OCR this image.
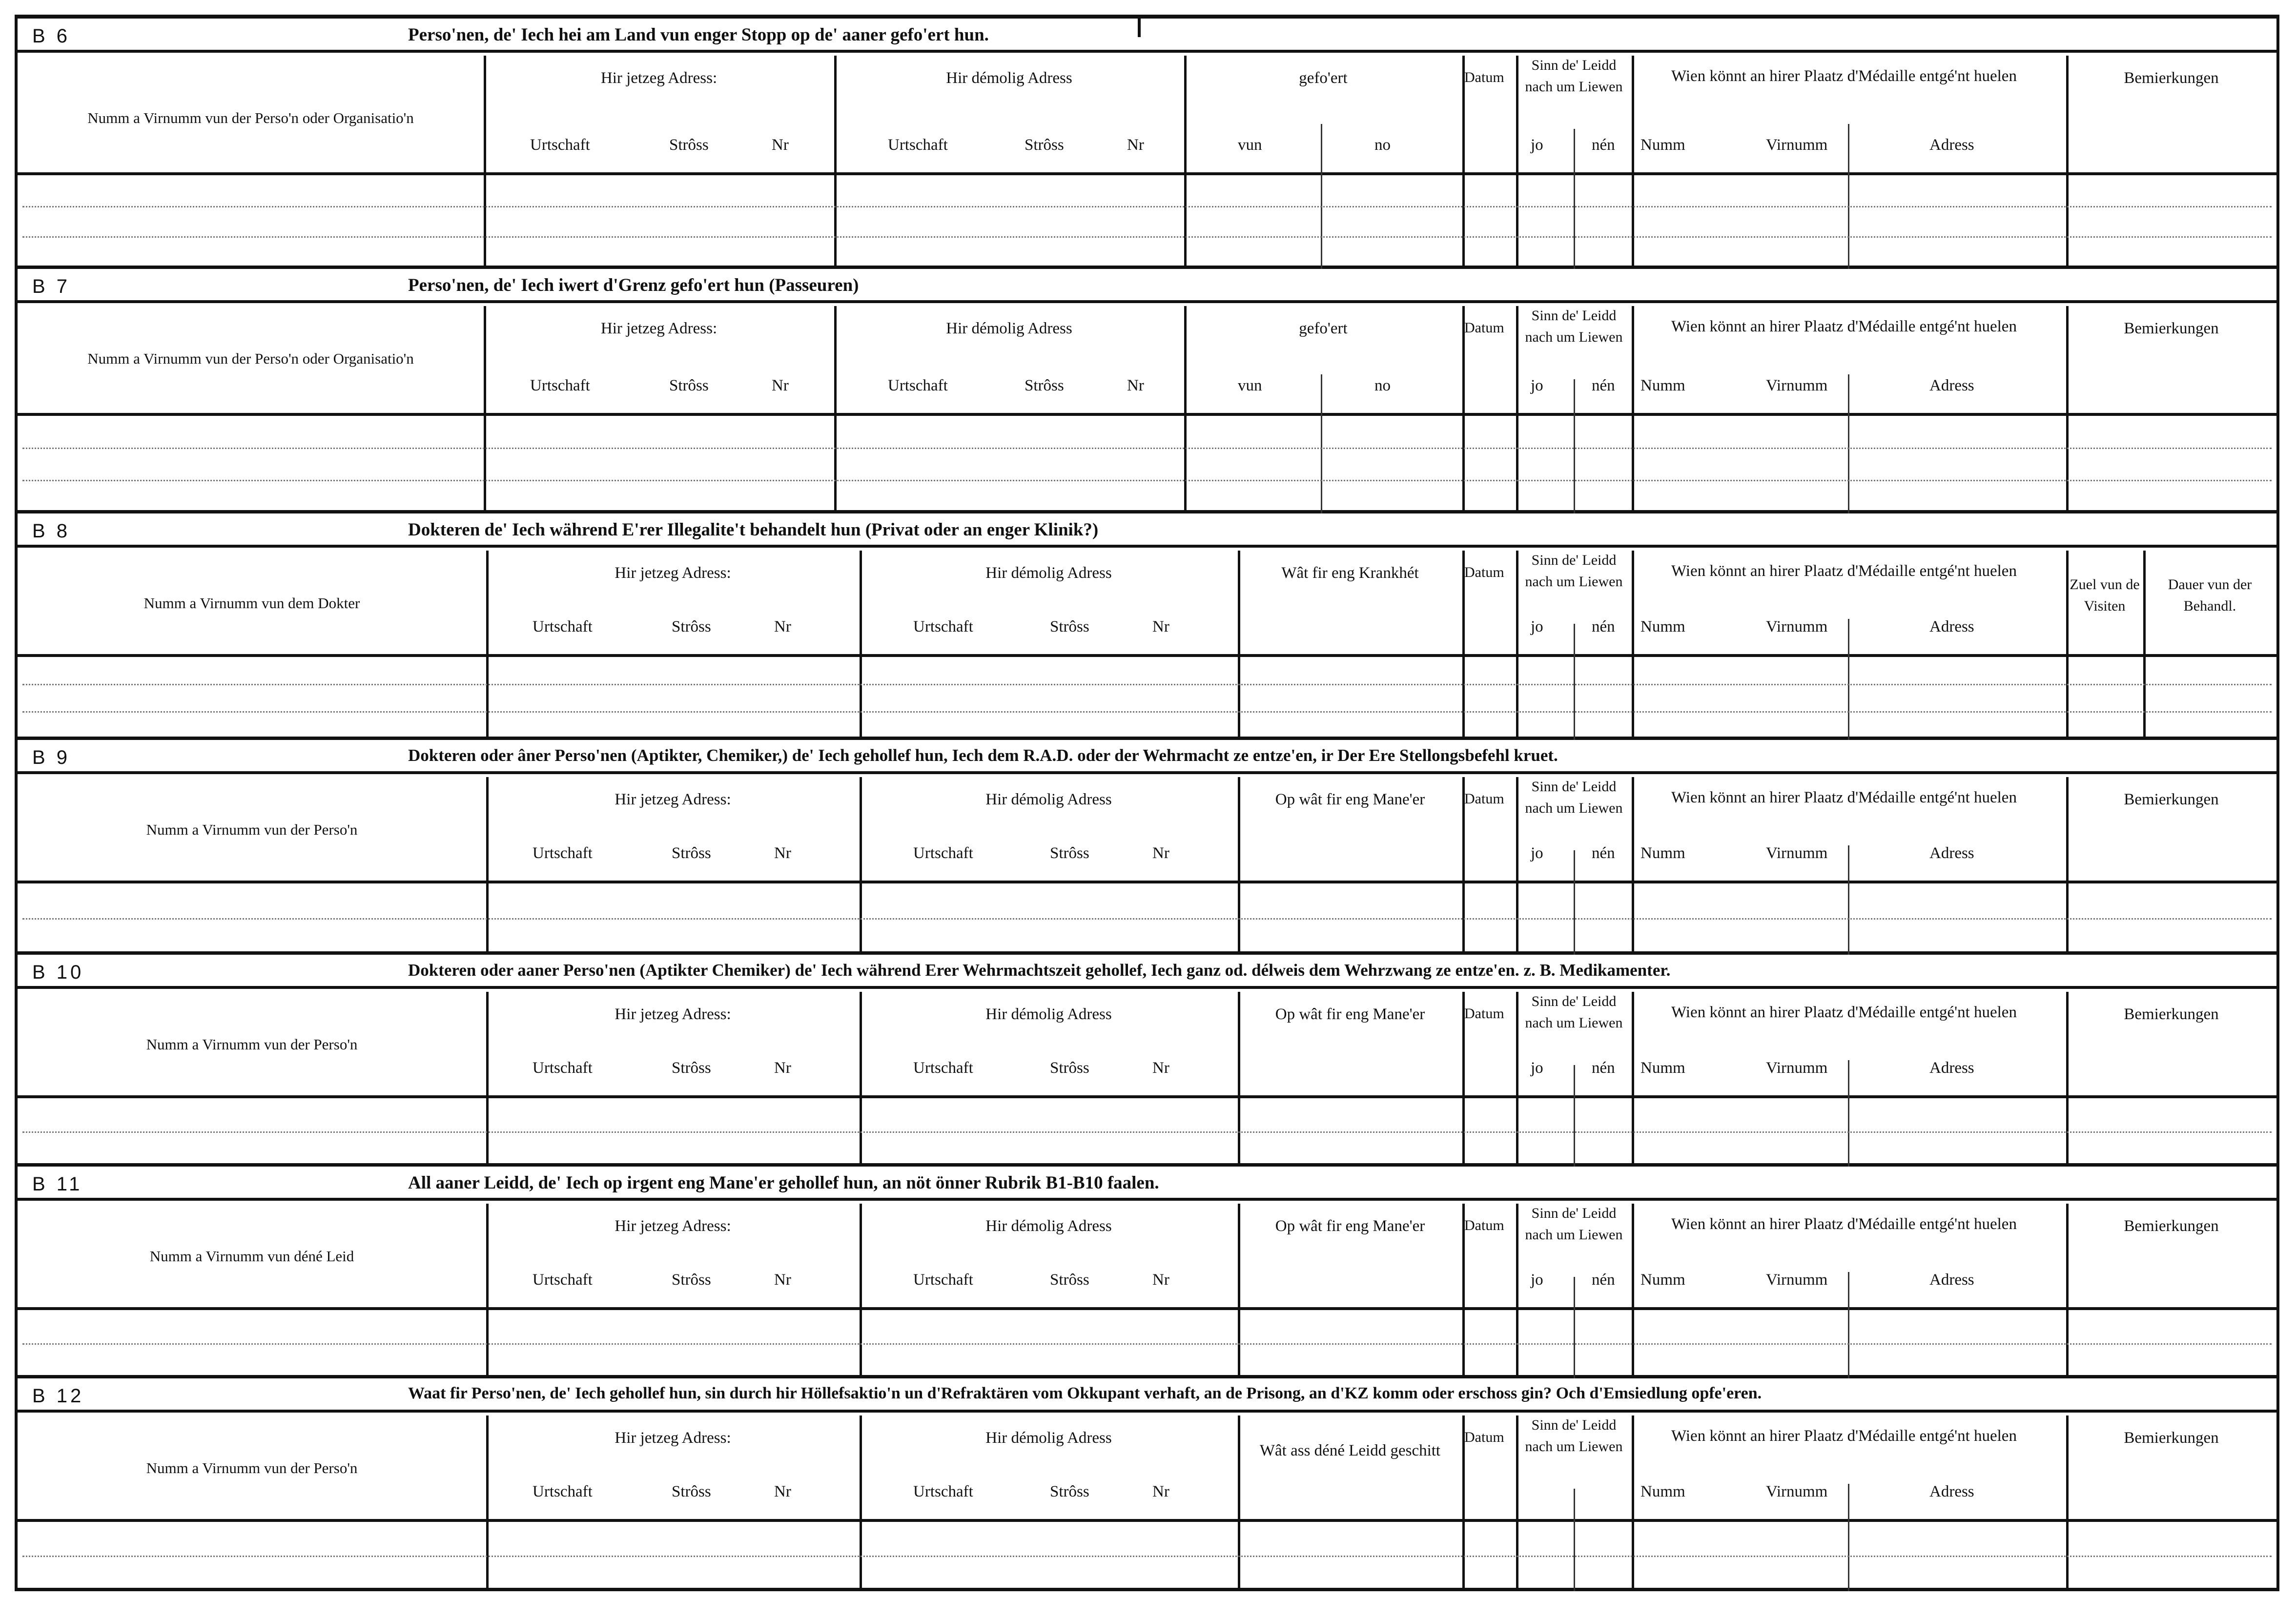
B 6	Perso'nen, de' Iech hei am Land vun enger Stopp op de' aaner gefo'ert hun.
Numm a Virnumm vun der Perso'n oder Organisatio'n
Hir jetzeg Adress:
Urtschaft	Strôss	Nr
Hir démolig Adress
Urtschaft	Strôss	Nr
gefo'ert
vun	no
Datum
Sinn de' Leidd nach um Liewen
jo	nén
Wien könnt an hirer Plaatz d'Médaille entgé'nt huelen
Numm	Virnumm	Adress
Bemierkungen
B 7	Perso'nen, de' Iech iwert d'Grenz gefo'ert hun (Passeuren)
Numm a Virnumm vun der Perso'n oder Organisatio'n
Hir jetzeg Adress:
Urtschaft	Strôss	Nr
Hir démolig Adress
Urtschaft	Strôss	Nr
gefo'ert
vun	no
Datum
Sinn de' Leidd nach um Liewen
jo	nén
Wien könnt an hirer Plaatz d'Médaille entgé'nt huelen
Numm	Virnumm	Adress
Bemierkungen
B 8	Dokteren de' Iech während E'rer Illegalite't behandelt hun (Privat oder an enger Klinik?)
Numm a Virnumm vun dem Dokter
Hir jetzeg Adress:
Urtschaft	Strôss	Nr
Hir démolig Adress
Urtschaft	Strôss	Nr
Wât fir eng Krankhét	Datum
Sinn de' Leidd nach um Liewen
jo	nén
Wien könnt an hirer Plaatz d'Médaille entgé'nt huelen
Numm	Virnumm	Adress
Zuel vun de Visiten
Dauer vun der Behandl.
B 9	Dokteren oder âner Perso'nen (Aptikter, Chemiker,) de' Iech gehollef hun, Iech dem R.A.D. oder der Wehrmacht ze entze'en, ir Der Ere Stellongsbefehl kruet.
Numm a Virnumm vun der Perso'n
Hir jetzeg Adress:
Urtschaft	Strôss	Nr
Hir démolig Adress
Urtschaft	Strôss	Nr
Op wât fir eng Mane'er	Datum
Sinn de' Leidd nach um Liewen
jo	nén
Wien könnt an hirer Plaatz d'Médaille entgé'nt huelen
Numm	Virnumm	Adress
Bemierkungen
B 10	Dokteren oder aaner Perso'nen (Aptikter Chemiker) de' Iech während Erer Wehrmachtszeit gehollef, Iech ganz od. délweis dem Wehrzwang ze entze'en. z. B. Medikamenter.
Numm a Virnumm vun der Perso'n
Hir jetzeg Adress:
Urtschaft	Strôss	Nr
Hir démolig Adress
Urtschaft	Strôss	Nr
Op wât fir eng Mane'er	Datum
Sinn de' Leidd nach um Liewen
jo	nén
Wien könnt an hirer Plaatz d'Médaille entgé'nt huelen
Numm	Virnumm	Adress
Bemierkungen
B 11	All aaner Leidd, de' Iech op irgent eng Mane'er gehollef hun, an nöt önner Rubrik B1-B10 faalen.
Numm a Virnumm vun déné Leid
Hir jetzeg Adress:
Urtschaft	Strôss	Nr
Hir démolig Adress
Urtschaft	Strôss	Nr
Op wât fir eng Mane'er	Datum
Sinn de' Leidd nach um Liewen
jo	nén
Wien könnt an hirer Plaatz d'Médaille entgé'nt huelen
Numm	Virnumm	Adress
Bemierkungen
B 12	Waat fir Perso'nen, de' Iech gehollef hun, sin durch hir Höllefsaktio'n un d'Refraktären vom Okkupant verhaft, an de Prisong, an d'KZ komm oder erschoss gin? Och d'Emsiedlung opfe'eren.
Numm a Virnumm vun der Perso'n
Hir jetzeg Adress:
Urtschaft	Strôss	Nr
Hir démolig Adress
Urtschaft	Strôss	Nr
Wât ass déné Leidd geschitt
Datum
Sinn de' Leidd nach um Liewen
Wien könnt an hirer Plaatz d'Médaille entgé'nt huelen
Numm	Virnumm	Adress
Bemierkungen
